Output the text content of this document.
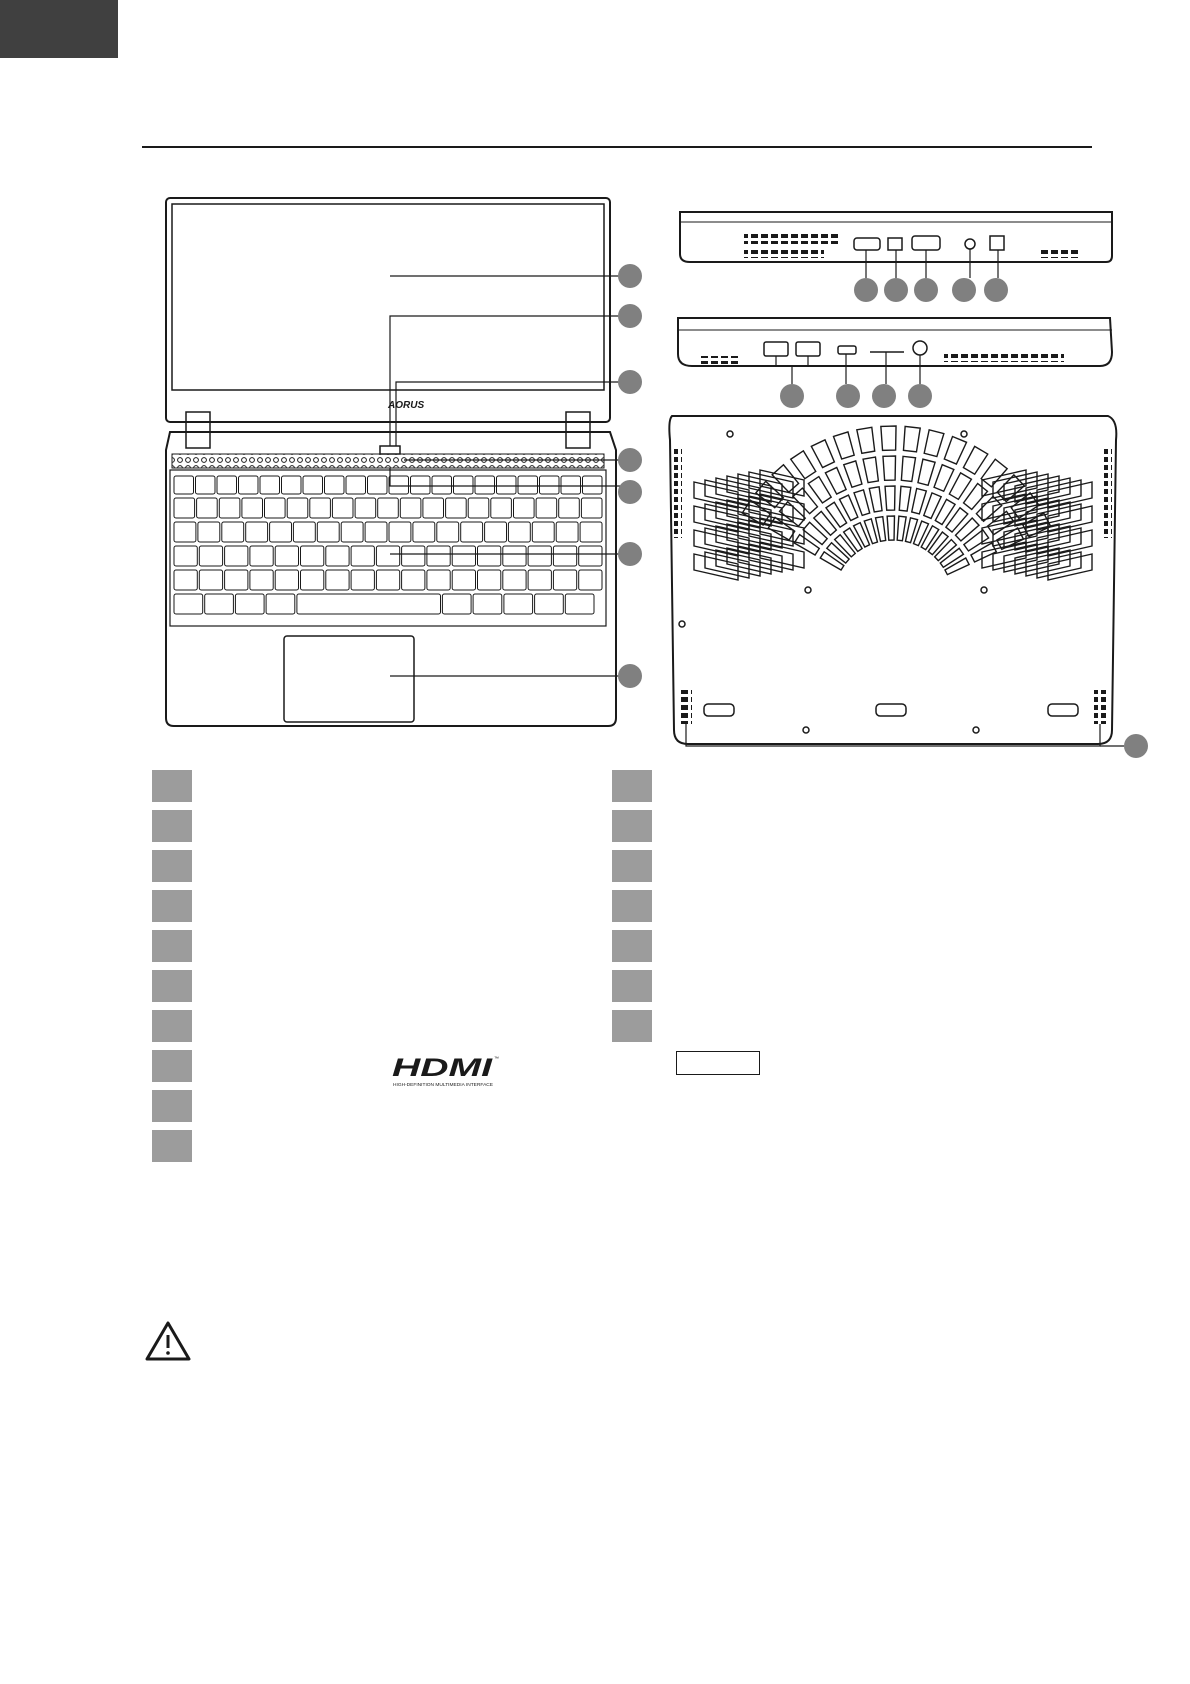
AORUS
HDMI ™
HIGH-DEFINITION MULTIMEDIA INTERFACE
